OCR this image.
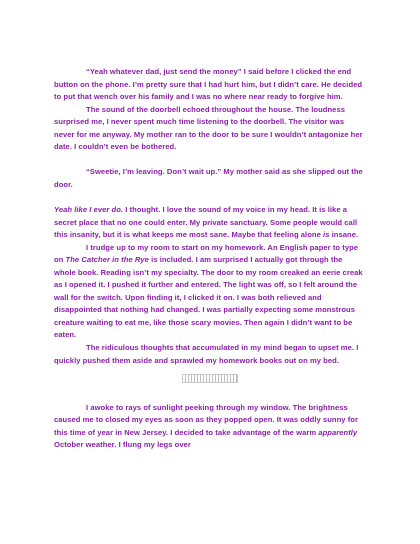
“Yeah whatever dad, just send the money” I said before I clicked the end button on the phone. I’m pretty sure that I had hurt him, but I didn’t care. He decided to put that wench over his family and I was no where near ready to forgive him.

The sound of the doorbell echoed throughout the house. The loudness surprised me, I never spent much time listening to the doorbell. The visitor was never for me anyway. My mother ran to the door to be sure I wouldn’t antagonize her date. I couldn’t even be bothered.

“Sweetie, I’m leaving. Don’t wait up.” My mother said as she slipped out the door.

Yeah like I ever do. I thought. I love the sound of my voice in my head. It is like a secret place that no one could enter. My private sanctuary. Some people would call this insanity, but it is what keeps me most sane. Maybe that feeling alone is insane.

I trudge up to my room to start on my homework. An English paper to type on The Catcher in the Rye is included. I am surprised I actually got through the whole book. Reading isn’t my specialty. The door to my room creaked an eerie creak as I opened it. I pushed it further and entered. The light was off, so I felt around the wall for the switch. Upon finding it, I clicked it on. I was both relieved and disappointed that nothing had changed. I was partially expecting some monstrous creature waiting to eat me, like those scary movies. Then again I didn’t want to be eaten.

The ridiculous thoughts that accumulated in my mind began to upset me. I quickly pushed them aside and sprawled my homework books out on my bed.

I awoke to rays of sunlight peeking through my window. The brightness caused me to closed my eyes as soon as they popped open. It was oddly sunny for this time of year in New Jersey. I decided to take advantage of the warm apparently October weather. I flung my legs over
